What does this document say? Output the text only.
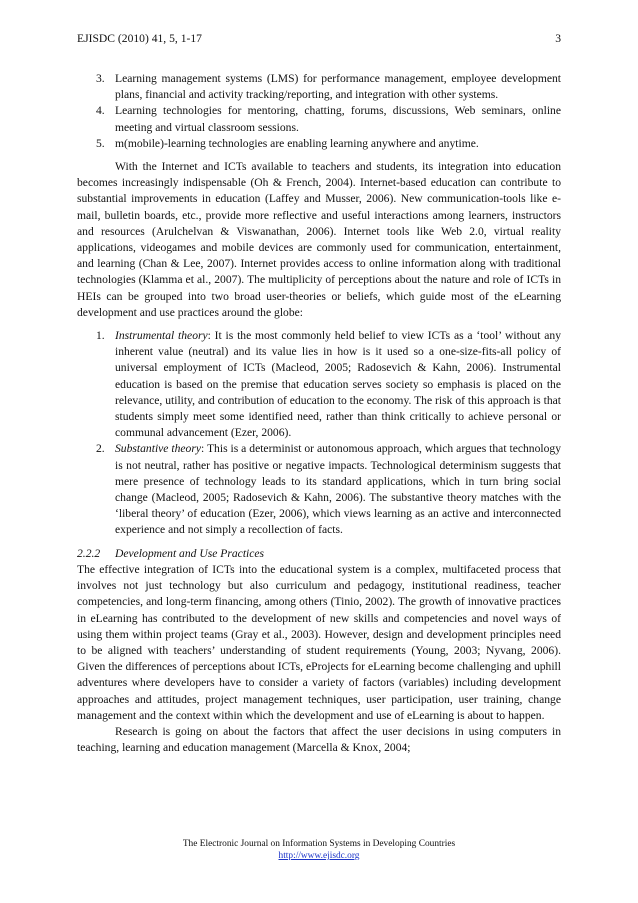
EJISDC (2010) 41, 5, 1-17	3
3. Learning management systems (LMS) for performance management, employee development plans, financial and activity tracking/reporting, and integration with other systems.
4. Learning technologies for mentoring, chatting, forums, discussions, Web seminars, online meeting and virtual classroom sessions.
5. m(mobile)-learning technologies are enabling learning anywhere and anytime.

With the Internet and ICTs available to teachers and students, its integration into education becomes increasingly indispensable (Oh & French, 2004). Internet-based education can contribute to substantial improvements in education (Laffey and Musser, 2006). New communication-tools like e-mail, bulletin boards, etc., provide more reflective and useful interactions among learners, instructors and resources (Arulchelvan & Viswanathan, 2006). Internet tools like Web 2.0, virtual reality applications, videogames and mobile devices are commonly used for communication, entertainment, and learning (Chan & Lee, 2007). Internet provides access to online information along with traditional technologies (Klamma et al., 2007). The multiplicity of perceptions about the nature and role of ICTs in HEIs can be grouped into two broad user-theories or beliefs, which guide most of the eLearning development and use practices around the globe:

1. Instrumental theory: It is the most commonly held belief to view ICTs as a ‘tool’ without any inherent value (neutral) and its value lies in how is it used so a one-size-fits-all policy of universal employment of ICTs (Macleod, 2005; Radosevich & Kahn, 2006). Instrumental education is based on the premise that education serves society so emphasis is placed on the relevance, utility, and contribution of education to the economy. The risk of this approach is that students simply meet some identified need, rather than think critically to achieve personal or communal advancement (Ezer, 2006).
2. Substantive theory: This is a determinist or autonomous approach, which argues that technology is not neutral, rather has positive or negative impacts. Technological determinism suggests that mere presence of technology leads to its standard applications, which in turn bring social change (Macleod, 2005; Radosevich & Kahn, 2006). The substantive theory matches with the ‘liberal theory’ of education (Ezer, 2006), which views learning as an active and interconnected experience and not simply a recollection of facts.

2.2.2 Development and Use Practices

The effective integration of ICTs into the educational system is a complex, multifaceted process that involves not just technology but also curriculum and pedagogy, institutional readiness, teacher competencies, and long-term financing, among others (Tinio, 2002). The growth of innovative practices in eLearning has contributed to the development of new skills and competencies and novel ways of using them within project teams (Gray et al., 2003). However, design and development principles need to be aligned with teachers’ understanding of student requirements (Young, 2003; Nyvang, 2006). Given the differences of perceptions about ICTs, eProjects for eLearning become challenging and uphill adventures where developers have to consider a variety of factors (variables) including development approaches and attitudes, project management techniques, user participation, user training, change management and the context within which the development and use of eLearning is about to happen.

Research is going on about the factors that affect the user decisions in using computers in teaching, learning and education management (Marcella & Knox, 2004;

The Electronic Journal on Information Systems in Developing Countries
http://www.ejisdc.org
